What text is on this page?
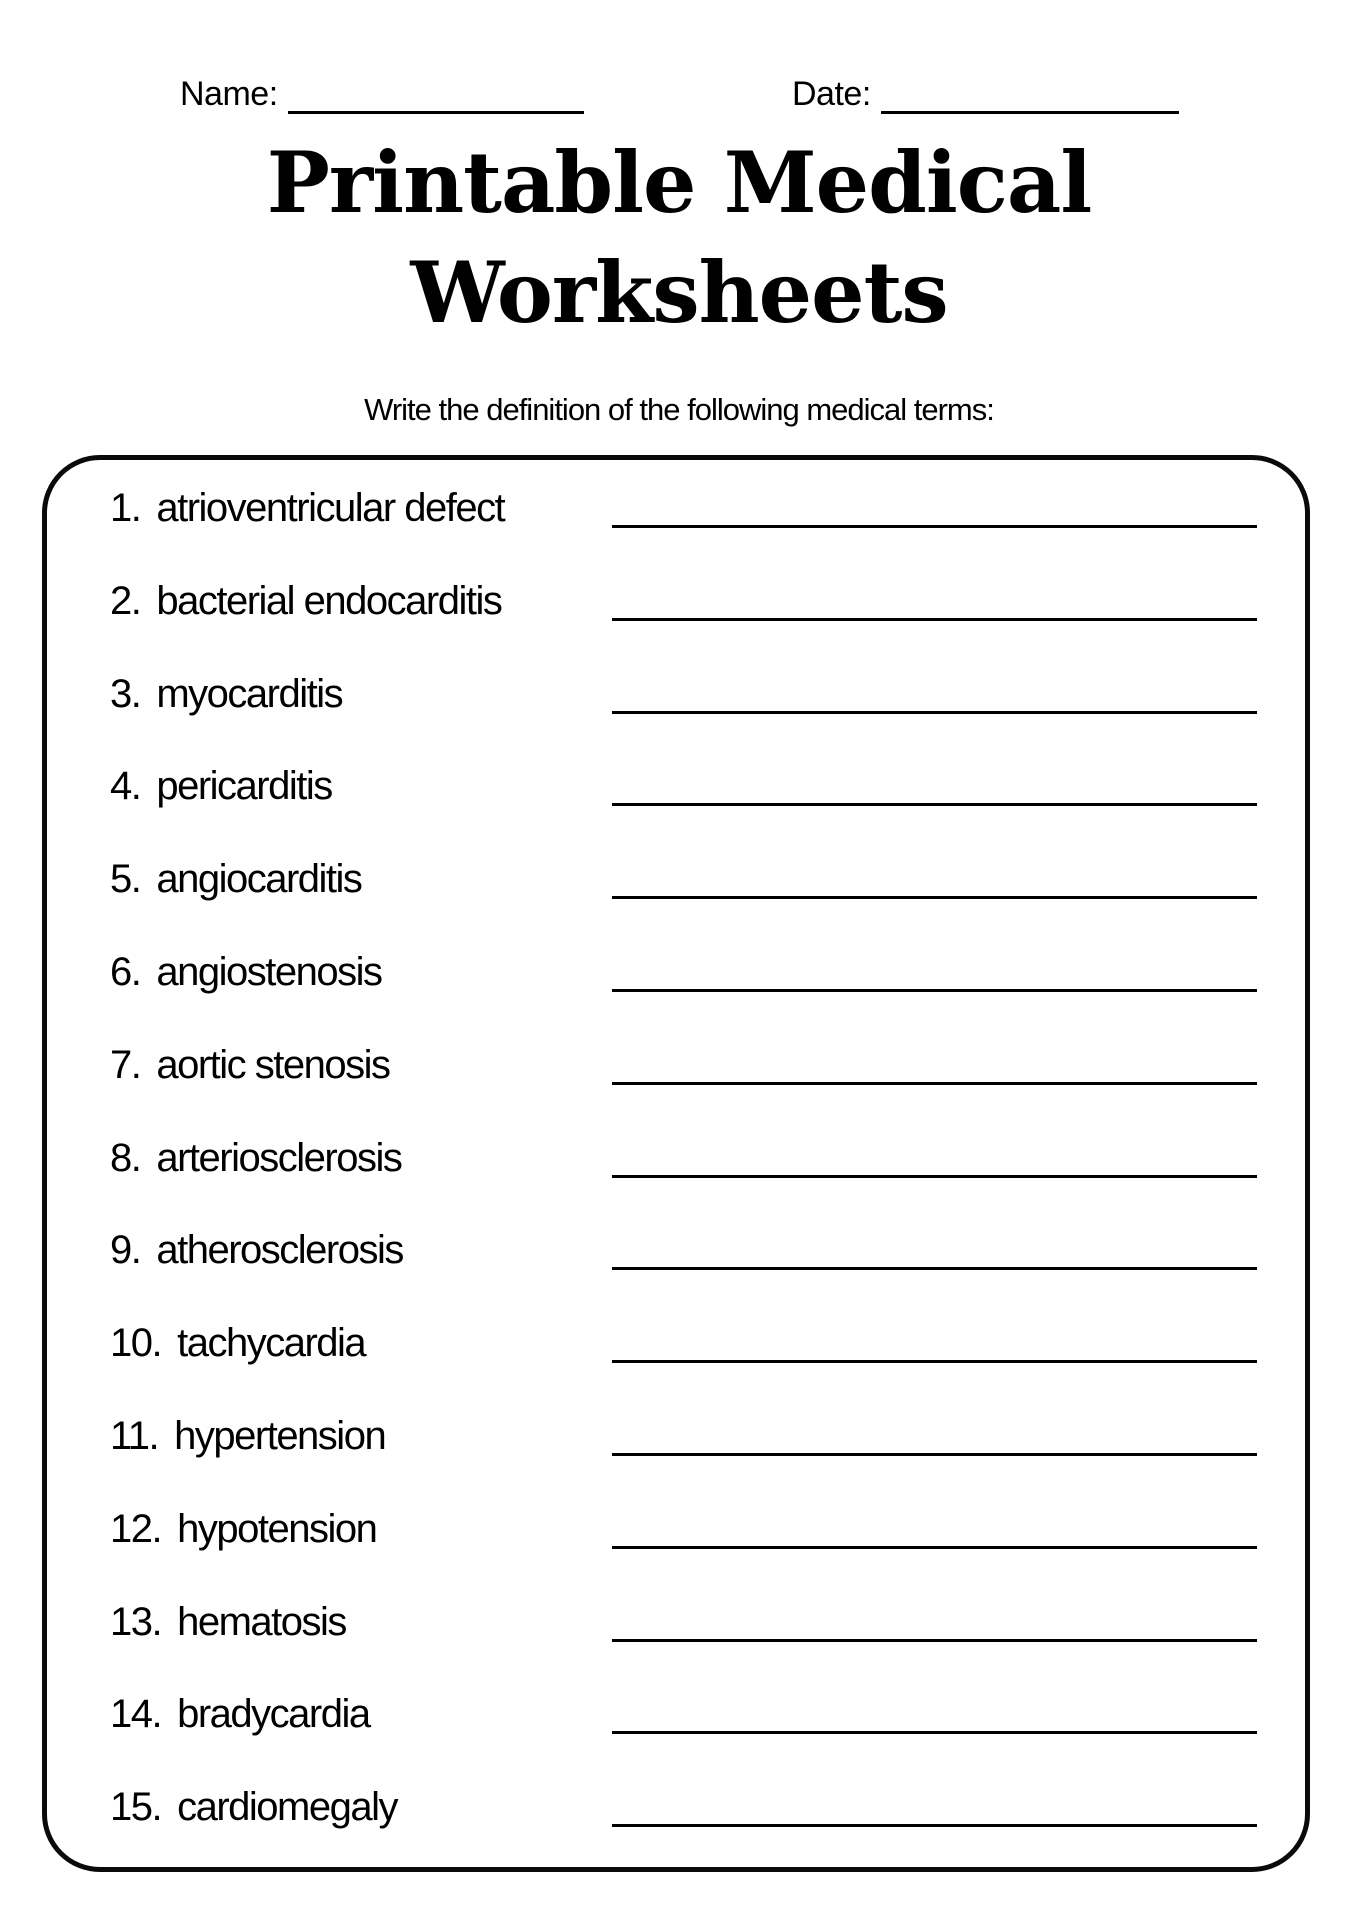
Name:	Date:
Printable Medical
Worksheets
Write the definition of the following medical terms:
1. atrioventricular defect
2. bacterial endocarditis
3. myocarditis
4. pericarditis
5. angiocarditis
6. angiostenosis
7. aortic stenosis
8. arteriosclerosis
9. atherosclerosis
10. tachycardia
11. hypertension
12. hypotension
13. hematosis
14. bradycardia
15. cardiomegaly
